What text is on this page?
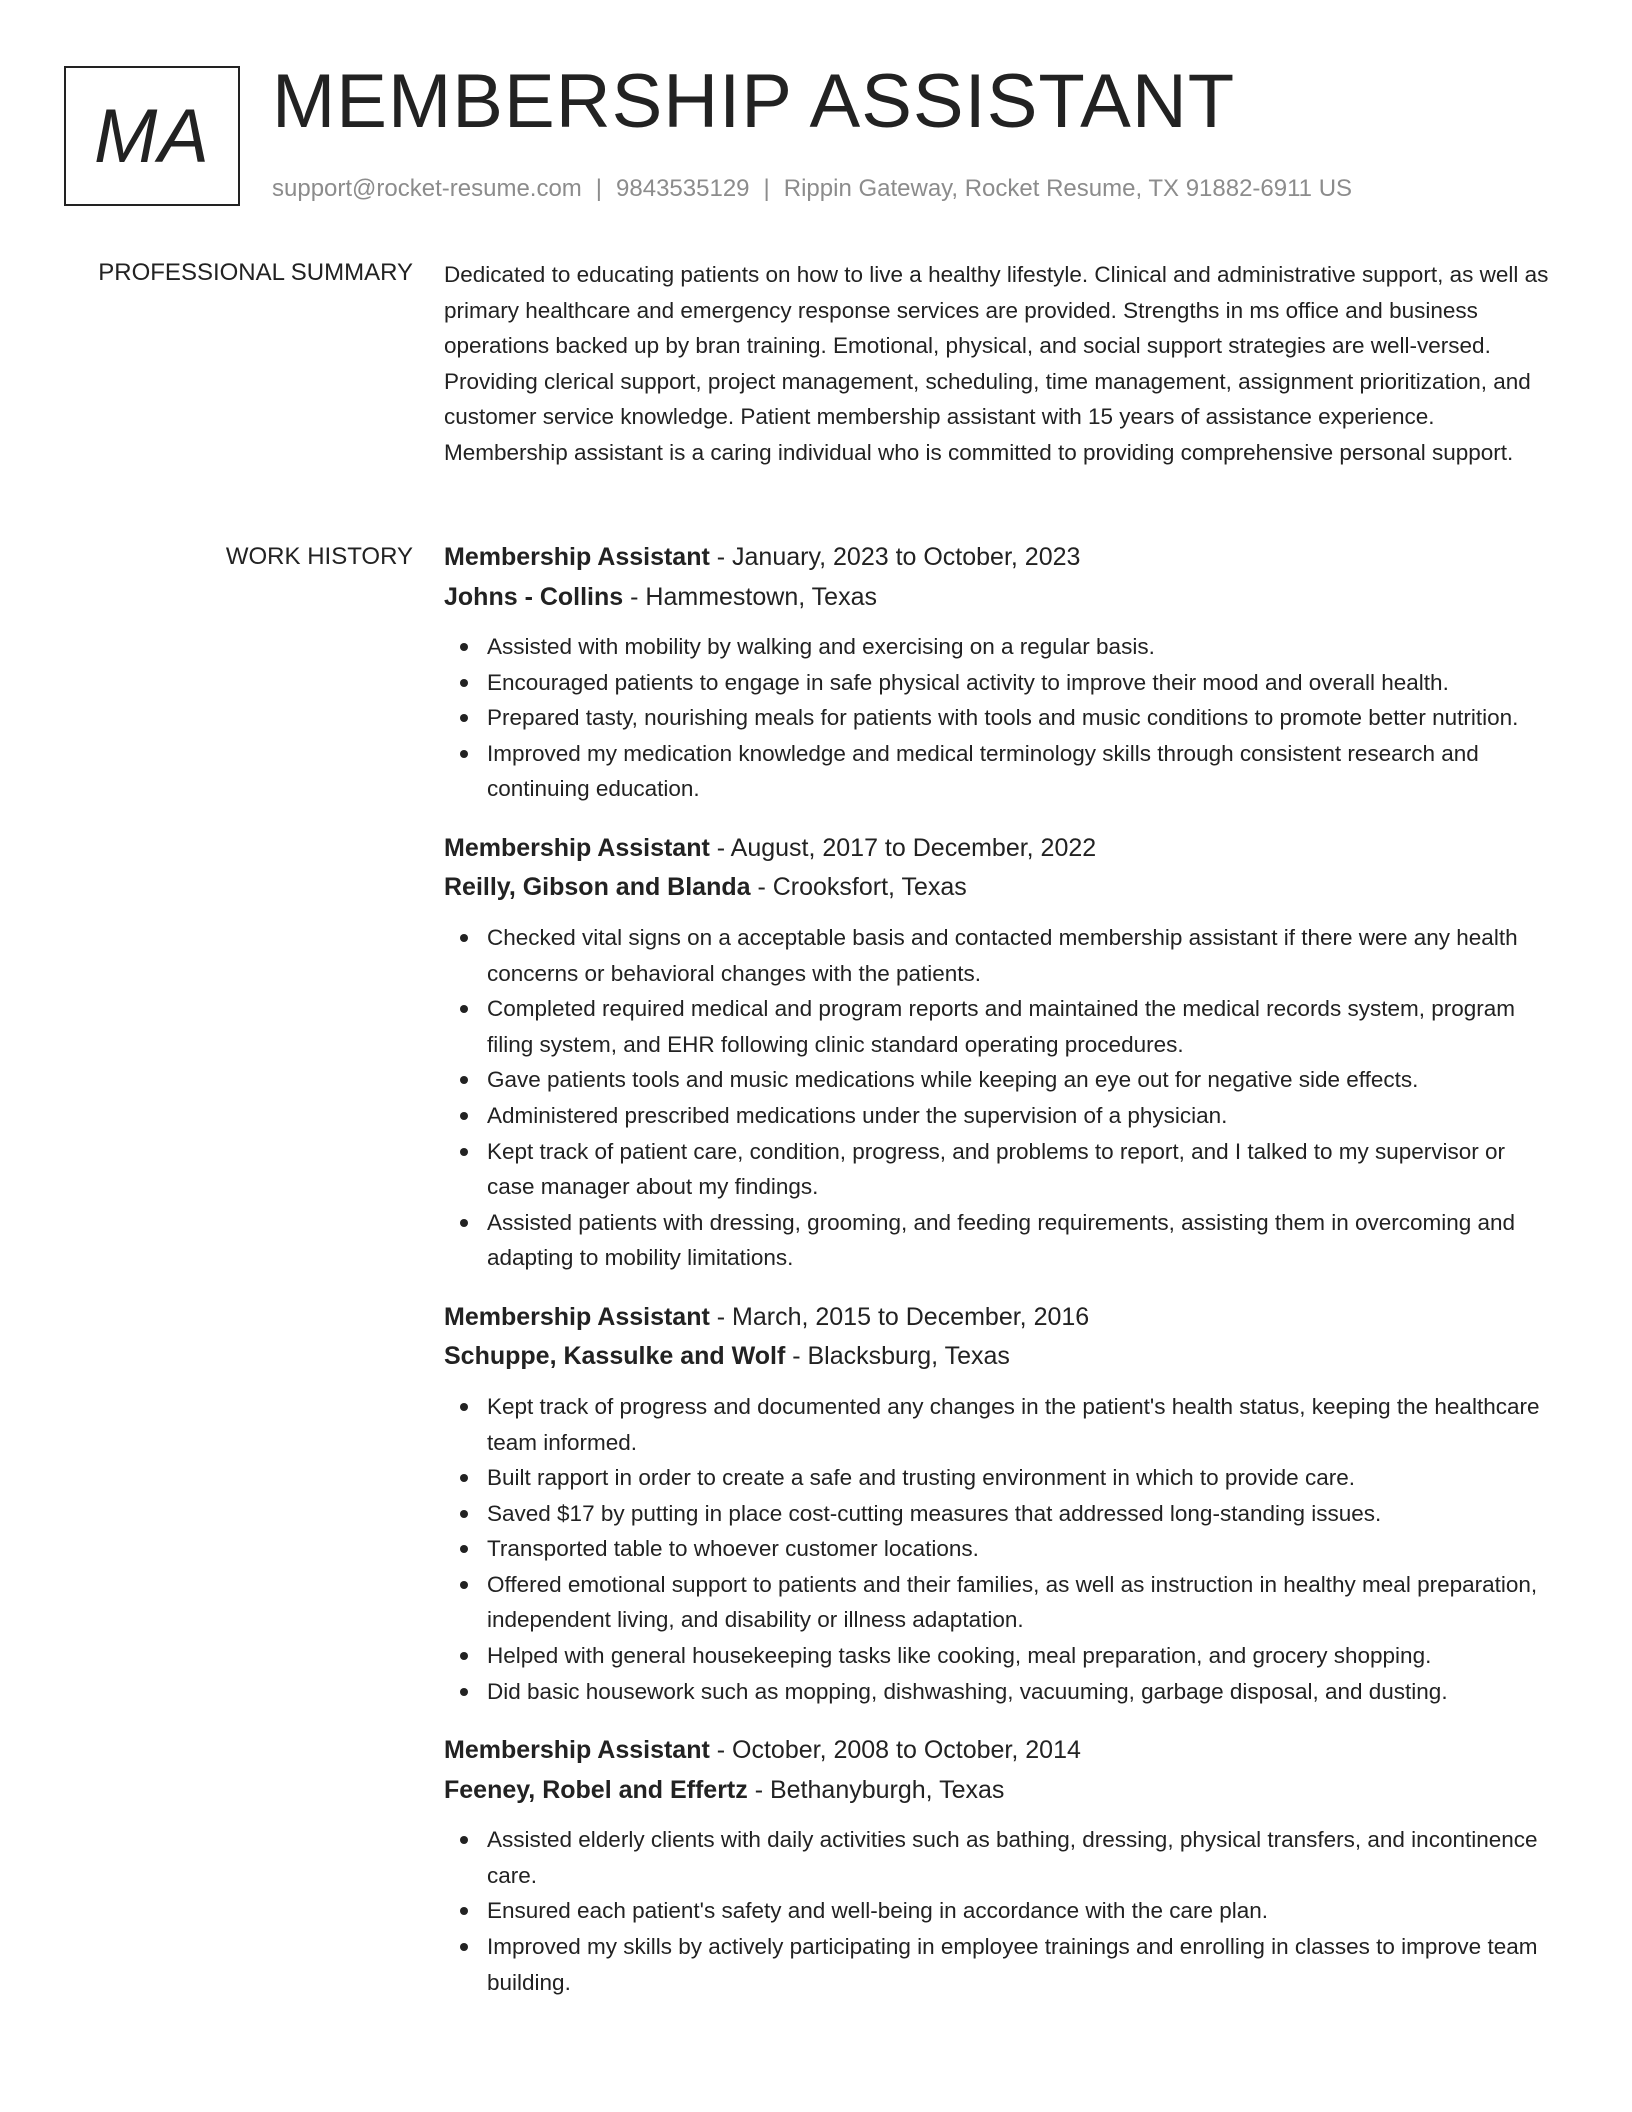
MA MEMBERSHIP ASSISTANT
support@rocket-resume.com | 9843535129 | Rippin Gateway, Rocket Resume, TX 91882-6911 US
PROFESSIONAL SUMMARY Dedicated to educating patients on how to live a healthy lifestyle. Clinical and administrative support, as well as primary healthcare and emergency response services are provided. Strengths in ms office and business operations backed up by bran training. Emotional, physical, and social support strategies are well-versed. Providing clerical support, project management, scheduling, time management, assignment prioritization, and customer service knowledge. Patient membership assistant with 15 years of assistance experience. Membership assistant is a caring individual who is committed to providing comprehensive personal support.

WORK HISTORY Membership Assistant - January, 2023 to October, 2023
Johns - Collins - Hammestown, Texas
Assisted with mobility by walking and exercising on a regular basis.
Encouraged patients to engage in safe physical activity to improve their mood and overall health.
Prepared tasty, nourishing meals for patients with tools and music conditions to promote better nutrition.
Improved my medication knowledge and medical terminology skills through consistent research and continuing education.
Membership Assistant - August, 2017 to December, 2022
Reilly, Gibson and Blanda - Crooksfort, Texas
Checked vital signs on a acceptable basis and contacted membership assistant if there were any health concerns or behavioral changes with the patients.
Completed required medical and program reports and maintained the medical records system, program filing system, and EHR following clinic standard operating procedures.
Gave patients tools and music medications while keeping an eye out for negative side effects.
Administered prescribed medications under the supervision of a physician.
Kept track of patient care, condition, progress, and problems to report, and I talked to my supervisor or case manager about my findings.
Assisted patients with dressing, grooming, and feeding requirements, assisting them in overcoming and adapting to mobility limitations.
Membership Assistant - March, 2015 to December, 2016
Schuppe, Kassulke and Wolf - Blacksburg, Texas
Kept track of progress and documented any changes in the patient's health status, keeping the healthcare team informed.
Built rapport in order to create a safe and trusting environment in which to provide care.
Saved $17 by putting in place cost-cutting measures that addressed long-standing issues.
Transported table to whoever customer locations.
Offered emotional support to patients and their families, as well as instruction in healthy meal preparation, independent living, and disability or illness adaptation.
Helped with general housekeeping tasks like cooking, meal preparation, and grocery shopping.
Did basic housework such as mopping, dishwashing, vacuuming, garbage disposal, and dusting.
Membership Assistant - October, 2008 to October, 2014
Feeney, Robel and Effertz - Bethanyburgh, Texas
Assisted elderly clients with daily activities such as bathing, dressing, physical transfers, and incontinence care.
Ensured each patient's safety and well-being in accordance with the care plan.
Improved my skills by actively participating in employee trainings and enrolling in classes to improve team building.
